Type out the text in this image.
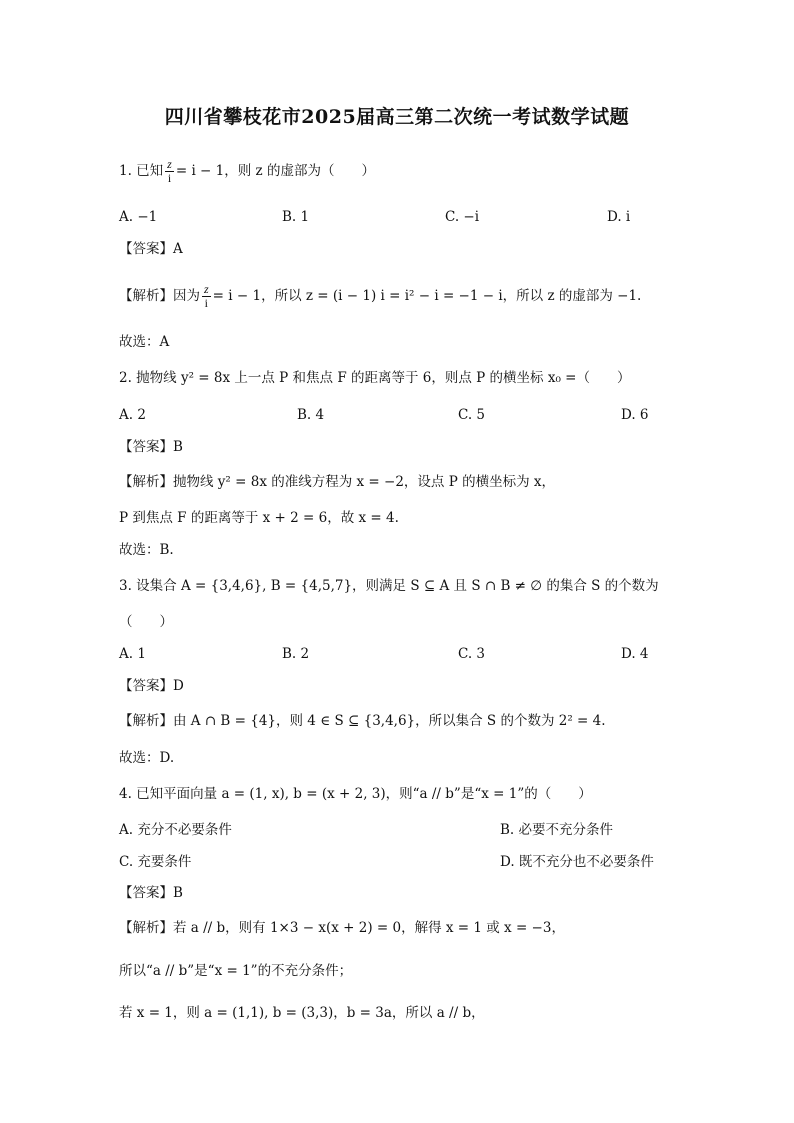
四川省攀枝花市2025届高三第二次统一考试数学试题
1. 已知 $\frac{z}{i} = i - 1$，则 z 的虚部为（　　）
A. −1	B. 1	C. −i	D. i
【答案】A
【解析】因为 $\frac{z}{i} = i - 1$，所以 z = (i − 1) i = i² − i = −1 − i，所以 z 的虚部为 −1.
故选：A
2. 抛物线 y² = 8x 上一点 P 和焦点 F 的距离等于 6，则点 P 的横坐标 x₀ =（　　）
A. 2	B. 4	C. 5	D. 6
【答案】B
【解析】抛物线 y² = 8x 的准线方程为 x = −2，设点 P 的横坐标为 x，
P 到焦点 F 的距离等于 x + 2 = 6，故 x = 4.
故选：B.
3. 设集合 A = {3,4,6}, B = {4,5,7}，则满足 S ⊆ A 且 S ∩ B ≠ ∅ 的集合 S 的个数为
（　　）
A. 1	B. 2	C. 3	D. 4
【答案】D
【解析】由 A ∩ B = {4}，则 4 ∈ S ⊆ {3,4,6}，所以集合 S 的个数为 2² = 4.
故选：D.
4. 已知平面向量 a = (1, x), b = (x + 2, 3)，则“a // b”是“x = 1”的（　　）
A. 充分不必要条件	B. 必要不充分条件
C. 充要条件	D. 既不充分也不必要条件
【答案】B
【解析】若 a // b，则有 1×3 − x(x + 2) = 0，解得 x = 1 或 x = −3，
所以“a // b”是“x = 1”的不充分条件；
若 x = 1，则 a = (1,1), b = (3,3)，b = 3a，所以 a // b，
